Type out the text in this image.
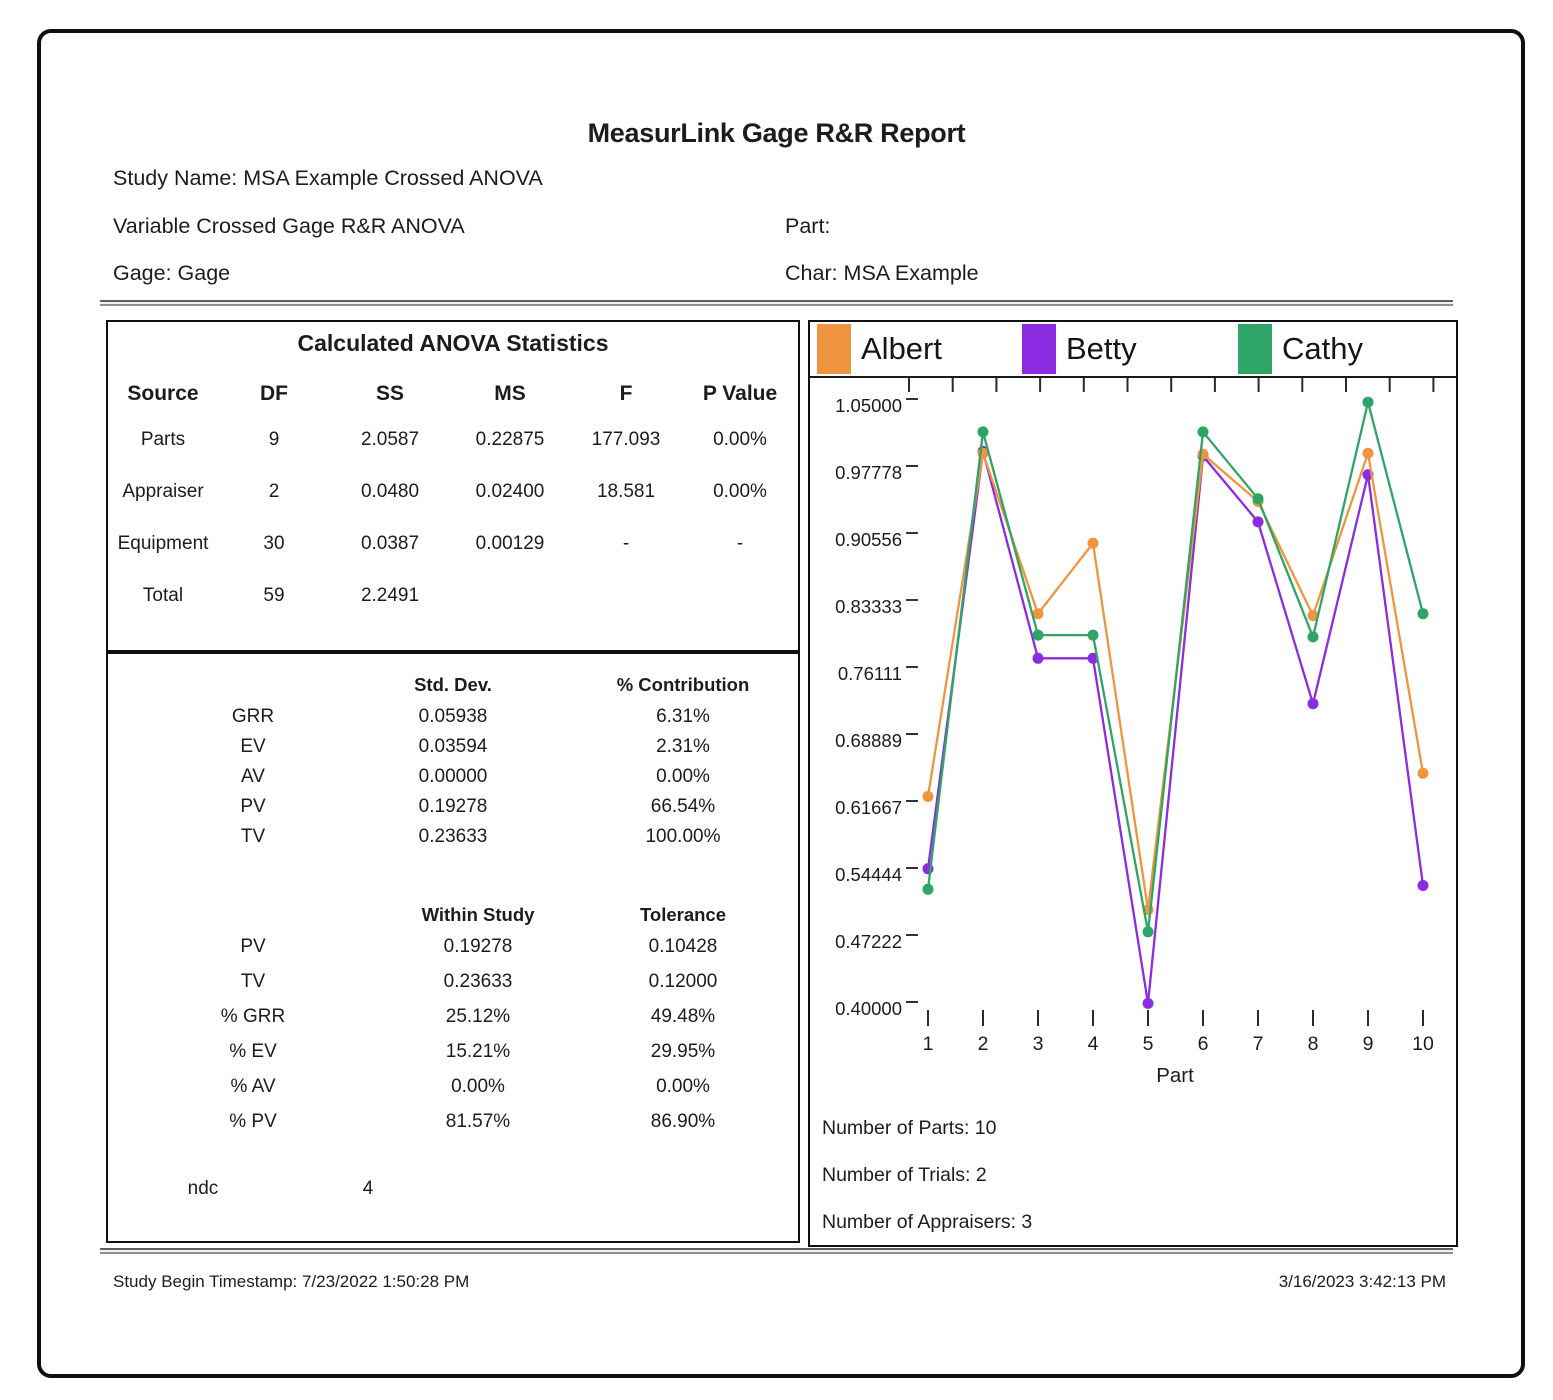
MeasurLink Gage R&R Report
Study Name: MSA Example Crossed ANOVA
Variable Crossed Gage R&R ANOVA
Gage: Gage
Part:
Char: MSA Example
Calculated ANOVA Statistics
Source	DF	SS	MS	F	P Value
Parts	9	2.0587	0.22875	177.093	0.00%
Appraiser	2	0.0480	0.02400	18.581	0.00%
Equipment	30	0.0387	0.00129	-	-
Total	59	2.2491			
Std. Dev.	% Contribution
GRR	0.05938	6.31%
EV	0.03594	2.31%
AV	0.00000	0.00%
PV	0.19278	66.54%
TV	0.23633	100.00%
Within Study	Tolerance
PV	0.19278	0.10428
TV	0.23633	0.12000
% GRR	25.12%	49.48%
% EV	15.21%	29.95%
% AV	0.00%	0.00%
% PV	81.57%	86.90%
ndc	4
Albert	Betty	Cathy
1.05000
0.97778
0.90556
0.83333
0.76111
0.68889
0.61667
0.54444
0.47222
0.40000
1 2 3 4 5 6 7 8 9 10
Part
Number of Parts: 10
Number of Trials: 2
Number of Appraisers: 3
Study Begin Timestamp: 7/23/2022 1:50:28 PM	3/16/2023 3:42:13 PM
